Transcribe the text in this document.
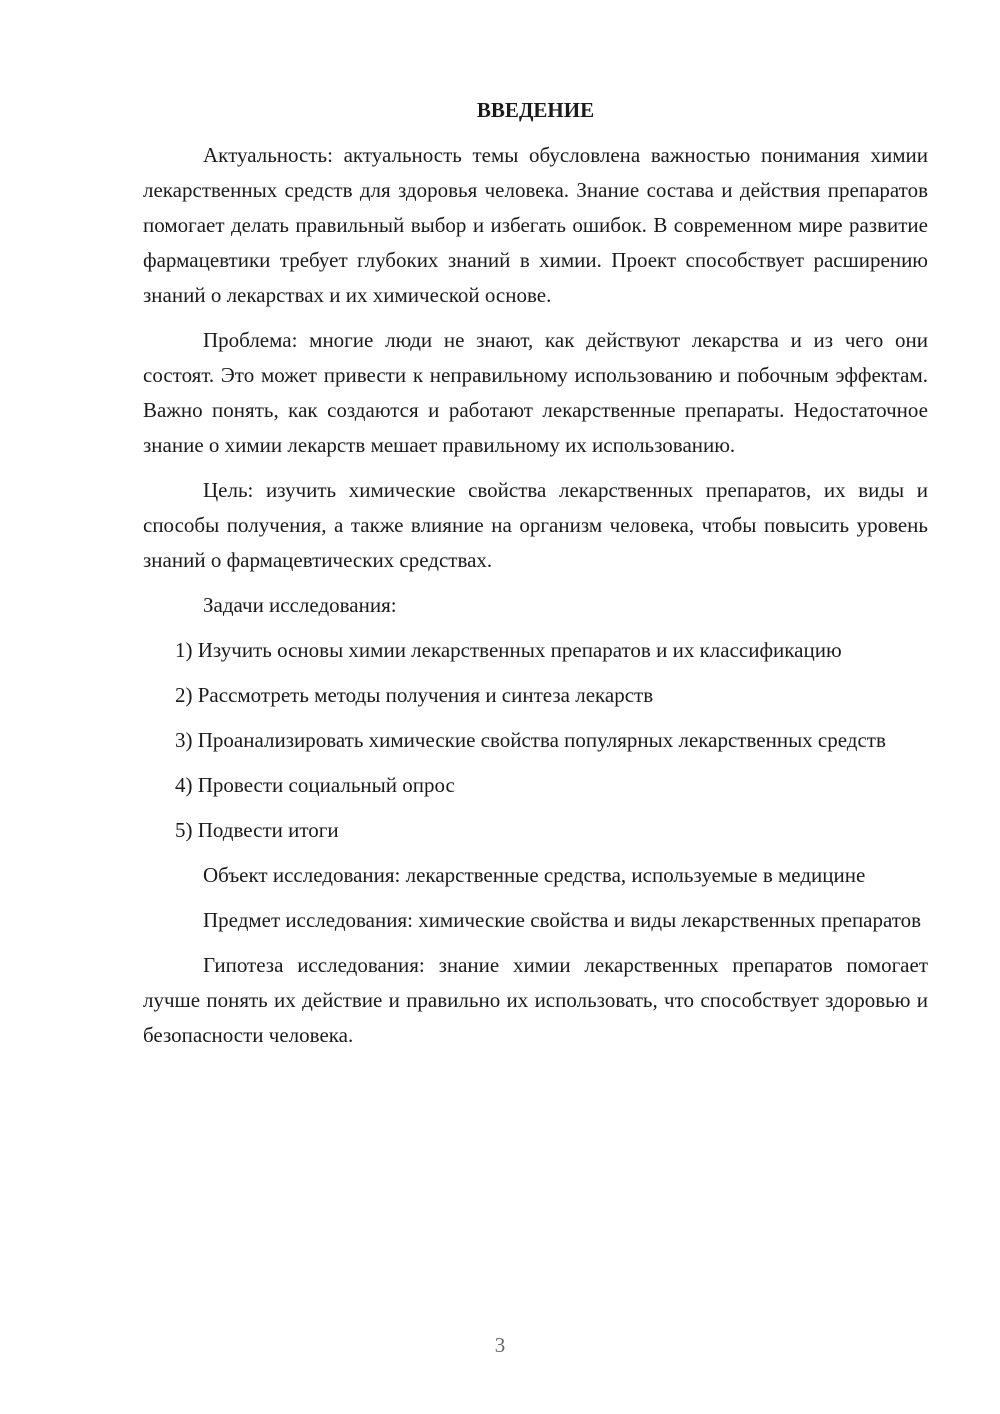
ВВЕДЕНИЕ

Актуальность: актуальность темы обусловлена важностью понимания химии лекарственных средств для здоровья человека. Знание состава и действия препаратов помогает делать правильный выбор и избегать ошибок. В современном мире развитие фармацевтики требует глубоких знаний в химии. Проект способствует расширению знаний о лекарствах и их химической основе.

Проблема: многие люди не знают, как действуют лекарства и из чего они состоят. Это может привести к неправильному использованию и побочным эффектам. Важно понять, как создаются и работают лекарственные препараты. Недостаточное знание о химии лекарств мешает правильному их использованию.

Цель: изучить химические свойства лекарственных препаратов, их виды и способы получения, а также влияние на организм человека, чтобы повысить уровень знаний о фармацевтических средствах.

Задачи исследования:

1) Изучить основы химии лекарственных препаратов и их классификацию

2) Рассмотреть методы получения и синтеза лекарств

3) Проанализировать химические свойства популярных лекарственных средств

4) Провести социальный опрос

5) Подвести итоги

Объект исследования: лекарственные средства, используемые в медицине

Предмет исследования: химические свойства и виды лекарственных препаратов

Гипотеза исследования: знание химии лекарственных препаратов помогает лучше понять их действие и правильно их использовать, что способствует здоровью и безопасности человека.

3
